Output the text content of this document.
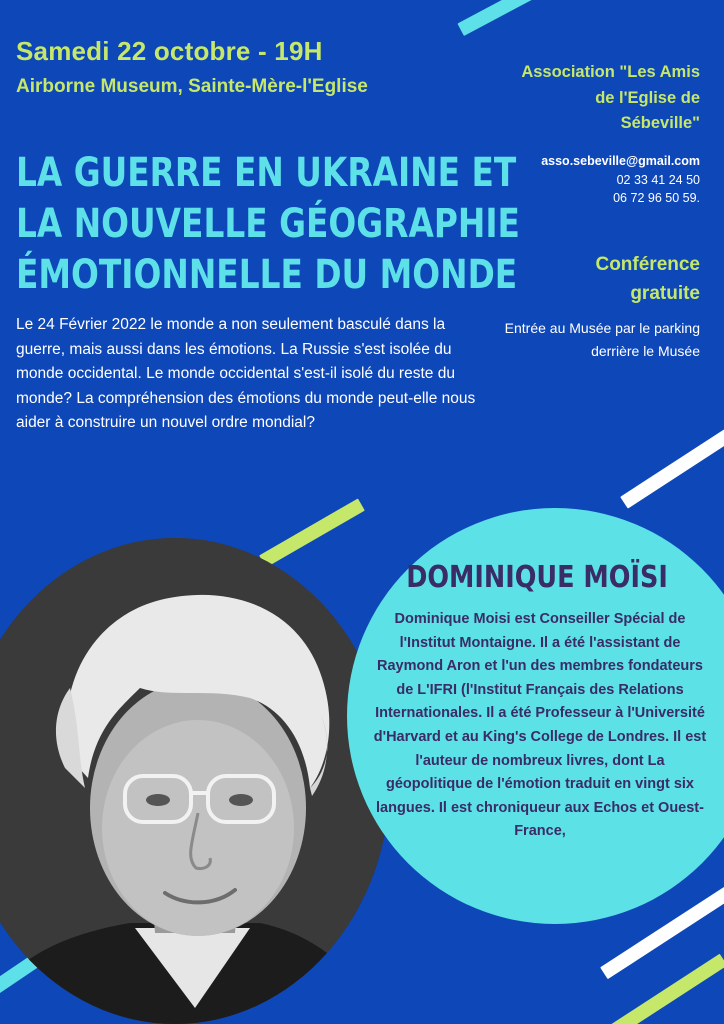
Samedi 22 octobre - 19H
Airborne Museum, Sainte-Mère-l'Eglise
LA GUERRE EN UKRAINE ET
LA NOUVELLE GÉOGRAPHIE
ÉMOTIONNELLE DU MONDE

Le 24 Février 2022 le monde a non seulement basculé dans la guerre, mais aussi dans les émotions. La Russie s'est isolée du monde occidental. Le monde occidental s'est-il isolé du reste du monde? La compréhension des émotions du monde peut-elle nous aider à construire un nouvel ordre mondial?

Association "Les Amis
de l'Eglise de
Sébeville"

asso.sebeville@gmail.com
02 33 41 24 50
06 72 96 50 59.

Conférence
gratuite

Entrée au Musée par le parking derrière le Musée

DOMINIQUE MOÏSI

Dominique Moisi est Conseiller Spécial de l'Institut Montaigne. Il a été l'assistant de Raymond Aron et l'un des membres fondateurs de L'IFRI (l'Institut Français des Relations Internationales. Il a été Professeur à l'Université d'Harvard et au King's College de Londres. Il est l'auteur de nombreux livres, dont La géopolitique de l'émotion traduit en vingt six langues. Il est chroniqueur aux Echos et Ouest-France,
